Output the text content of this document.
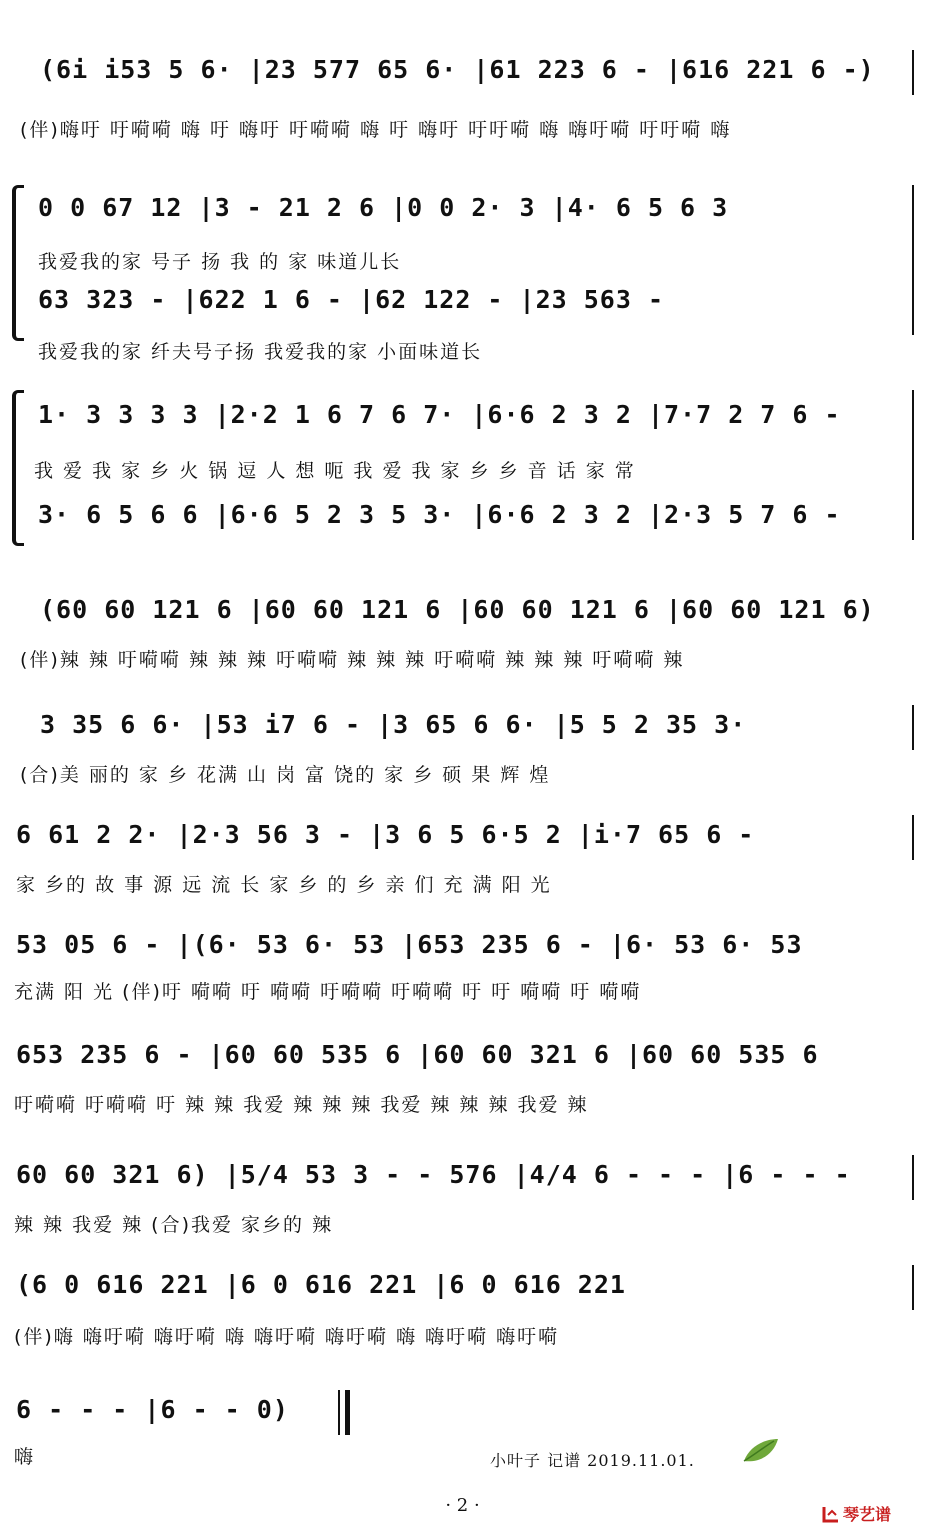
(6i i53 5 6· |23 577 65 6· |61 223 6 - |616 221 6 -)
(伴)嗨吁 吁嗬嗬 嗨 吁 嗨吁 吁嗬嗬 嗨 吁 嗨吁 吁吁嗬 嗨 嗨吁嗬 吁吁嗬 嗨
0 0 67 12 |3 - 21 2 6 |0 0 2· 3 |4· 6 5 6 3
我爱我的家 号子 扬 我 的 家 味道儿长
63 323 - |622 1 6 - |62 122 - |23 563 -
我爱我的家 纤夫号子扬 我爱我的家 小面味道长
1· 3 3 3 3 |2·2 1 6 7 6 7· |6·6 2 3 2 |7·7 2 7 6 -
我 爱 我 家 乡 火 锅 逗 人 想 呃 我 爱 我 家 乡 乡 音 话 家 常
3· 6 5 6 6 |6·6 5 2 3 5 3· |6·6 2 3 2 |2·3 5 7 6 -
(60 60 121 6 |60 60 121 6 |60 60 121 6 |60 60 121 6)
(伴)辣 辣 吁嗬嗬 辣 辣 辣 吁嗬嗬 辣 辣 辣 吁嗬嗬 辣 辣 辣 吁嗬嗬 辣
3 35 6 6· |53 i7 6 - |3 65 6 6· |5 5 2 35 3·
(合)美 丽的 家 乡 花满 山 岗 富 饶的 家 乡 硕 果 辉 煌
6 61 2 2· |2·3 56 3 - |3 6 5 6·5 2 |i·7 65 6 -
家 乡的 故 事 源 远 流 长 家 乡 的 乡 亲 们 充 满 阳 光
53 05 6 - |(6· 53 6· 53 |653 235 6 - |6· 53 6· 53
充满 阳 光 (伴)吁 嗬嗬 吁 嗬嗬 吁嗬嗬 吁嗬嗬 吁 吁 嗬嗬 吁 嗬嗬
653 235 6 - |60 60 535 6 |60 60 321 6 |60 60 535 6
吁嗬嗬 吁嗬嗬 吁 辣 辣 我爱 辣 辣 辣 我爱 辣 辣 辣 我爱 辣
60 60 321 6) |5/4 53 3 - - 576 |4/4 6 - - - |6 - - -
辣 辣 我爱 辣 (合)我爱 家乡的 辣
(6 0 616 221 |6 0 616 221 |6 0 616 221
(伴)嗨 嗨吁嗬 嗨吁嗬 嗨 嗨吁嗬 嗨吁嗬 嗨 嗨吁嗬 嗨吁嗬
6 - - - |6 - - 0)
嗨	小叶子 记谱 2019.11.01.
· 2 ·	琴艺谱
